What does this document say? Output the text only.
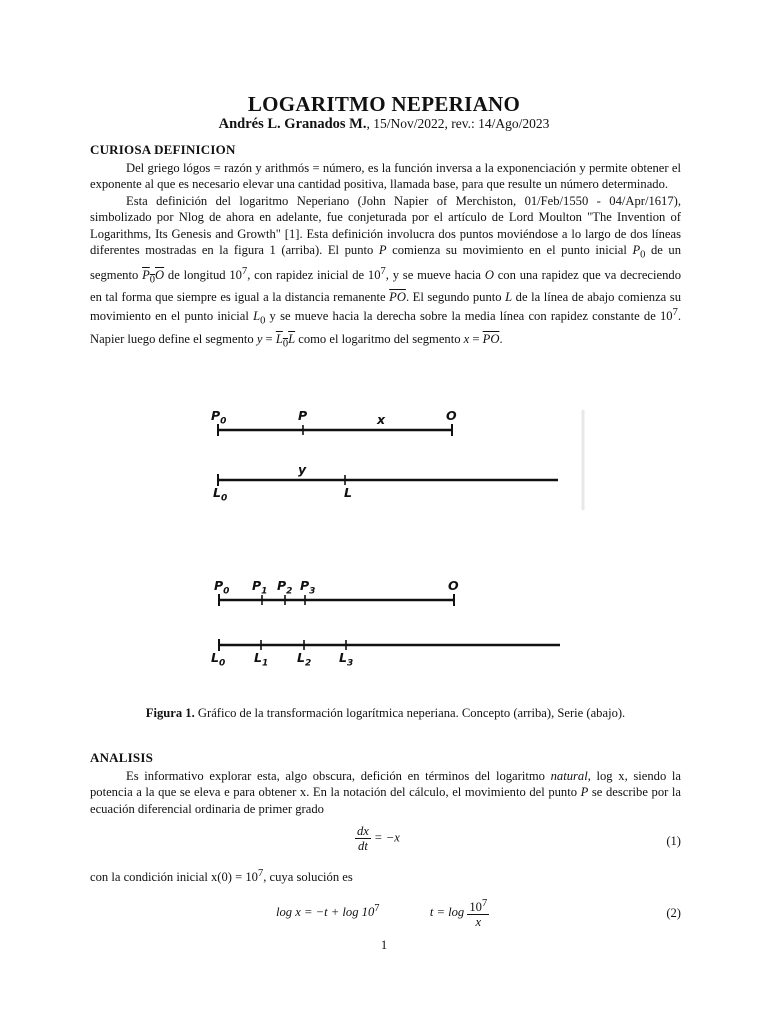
LOGARITMO NEPERIANO
Andrés L. Granados M., 15/Nov/2022, rev.: 14/Ago/2023
CURIOSA DEFINICION

Del griego lógos = razón y arithmós = número, es la función inversa a la exponenciación y permite obtener el exponente al que es necesario elevar una cantidad positiva, llamada base, para que resulte un número determinado.

Esta definición del logaritmo Neperiano (John Napier of Merchiston, 01/Feb/1550 - 04/Apr/1617), simbolizado por Nlog de ahora en adelante, fue conjeturada por el artículo de Lord Moulton "The Invention of Logarithms, Its Genesis and Growth" [1]. Esta definición involucra dos puntos moviéndose a lo largo de dos líneas diferentes mostradas en la figura 1 (arriba). El punto P comienza su movimiento en el punto inicial $P_0$ de un segmento $P_0O$ de longitud $10^7$, con rapidez inicial de $10^7$, y se mueve hacia O con una rapidez que va decreciendo en tal forma que siempre es igual a la distancia remanente $\overline{PO}$. El segundo punto L de la línea de abajo comienza su movimiento en el punto inicial $L_0$ y se mueve hacia la derecha sobre la media línea con rapidez constante de $10^7$. Napier luego define el segmento $y = L_0L$ como el logaritmo del segmento $x = \overline{PO}$.

$P_0$	P	x	O
y
$L_0$	L
$P_0$ $P_1$ $P_2$ $P_3$	O
$L_0$ $L_1$ $L_2$ $L_3$
Figura 1. Gráfico de la transformación logarítmica neperiana. Concepto (arriba), Serie (abajo).
ANALISIS

Es informativo explorar esta, algo obscura, defición en términos del logaritmo natural, log x, siendo la potencia a la que se eleva e para obtener x. En la notación del cálculo, el movimiento del punto P se describe por la ecuación diferencial ordinaria de primer grado

$\frac{dx}{dt} = -x$	(1)
con la condición inicial $x(0) = 10^7$, cuya solución es
$\log x = -t + \log 10^7$	$t = \log \frac{10^7}{x}$	(2)
1
